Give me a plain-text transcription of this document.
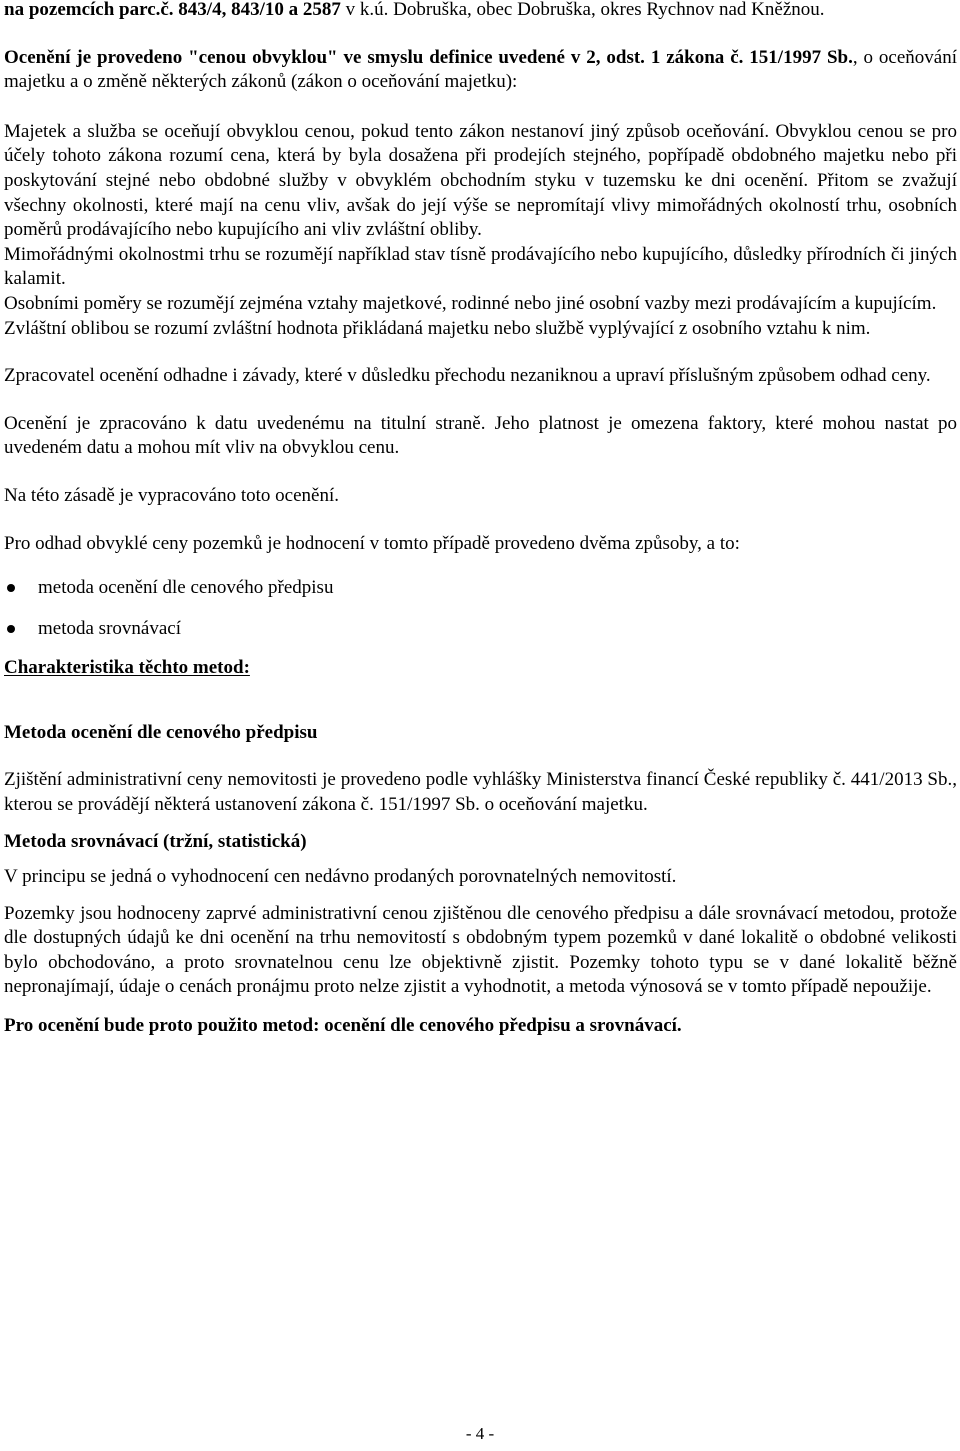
na pozemcích parc.č. 843/4, 843/10 a 2587 v k.ú. Dobruška, obec Dobruška, okres Rychnov nad Kněžnou.

Ocenění je provedeno "cenou obvyklou" ve smyslu definice uvedené v 2, odst. 1 zákona č. 151/1997 Sb., o oceňování majetku a o změně některých zákonů (zákon o oceňování majetku):

Majetek a služba se oceňují obvyklou cenou, pokud tento zákon nestanoví jiný způsob oceňování. Obvyklou cenou se pro účely tohoto zákona rozumí cena, která by byla dosažena při prodejích stejného, popřípadě obdobného majetku nebo při poskytování stejné nebo obdobné služby v obvyklém obchodním styku v tuzemsku ke dni ocenění. Přitom se zvažují všechny okolnosti, které mají na cenu vliv, avšak do její výše se nepromítají vlivy mimořádných okolností trhu, osobních poměrů prodávajícího nebo kupujícího ani vliv zvláštní obliby.

Mimořádnými okolnostmi trhu se rozumějí například stav tísně prodávajícího nebo kupujícího, důsledky přírodních či jiných kalamit.

Osobními poměry se rozumějí zejména vztahy majetkové, rodinné nebo jiné osobní vazby mezi prodávajícím a kupujícím.

Zvláštní oblibou se rozumí zvláštní hodnota přikládaná majetku nebo službě vyplývající z osobního vztahu k nim.

Zpracovatel ocenění odhadne i závady, které v důsledku přechodu nezaniknou a upraví příslušným způsobem odhad ceny.

Ocenění je zpracováno k datu uvedenému na titulní straně. Jeho platnost je omezena faktory, které mohou nastat po uvedeném datu a mohou mít vliv na obvyklou cenu.

Na této zásadě je vypracováno toto ocenění.

Pro odhad obvyklé ceny pozemků je hodnocení v tomto případě provedeno dvěma způsoby, a to:

metoda ocenění dle cenového předpisu
metoda srovnávací

Charakteristika těchto metod:

Metoda ocenění dle cenového předpisu

Zjištění administrativní ceny nemovitosti je provedeno podle vyhlášky Ministerstva financí České republiky č. 441/2013 Sb., kterou se provádějí některá ustanovení zákona č. 151/1997 Sb. o oceňování majetku.

Metoda srovnávací (tržní, statistická)

V principu se jedná o vyhodnocení cen nedávno prodaných porovnatelných nemovitostí.

Pozemky jsou hodnoceny zaprvé administrativní cenou zjištěnou dle cenového předpisu a dále srovnávací metodou, protože dle dostupných údajů ke dni ocenění na trhu nemovitostí s obdobným typem pozemků v dané lokalitě o obdobné velikosti bylo obchodováno, a proto srovnatelnou cenu lze objektivně zjistit. Pozemky tohoto typu se v dané lokalitě běžně nepronajímají, údaje o cenách pronájmu proto nelze zjistit a vyhodnotit, a metoda výnosová se v tomto případě nepoužije.

Pro ocenění bude proto použito metod: ocenění dle cenového předpisu a srovnávací.

- 4 -
